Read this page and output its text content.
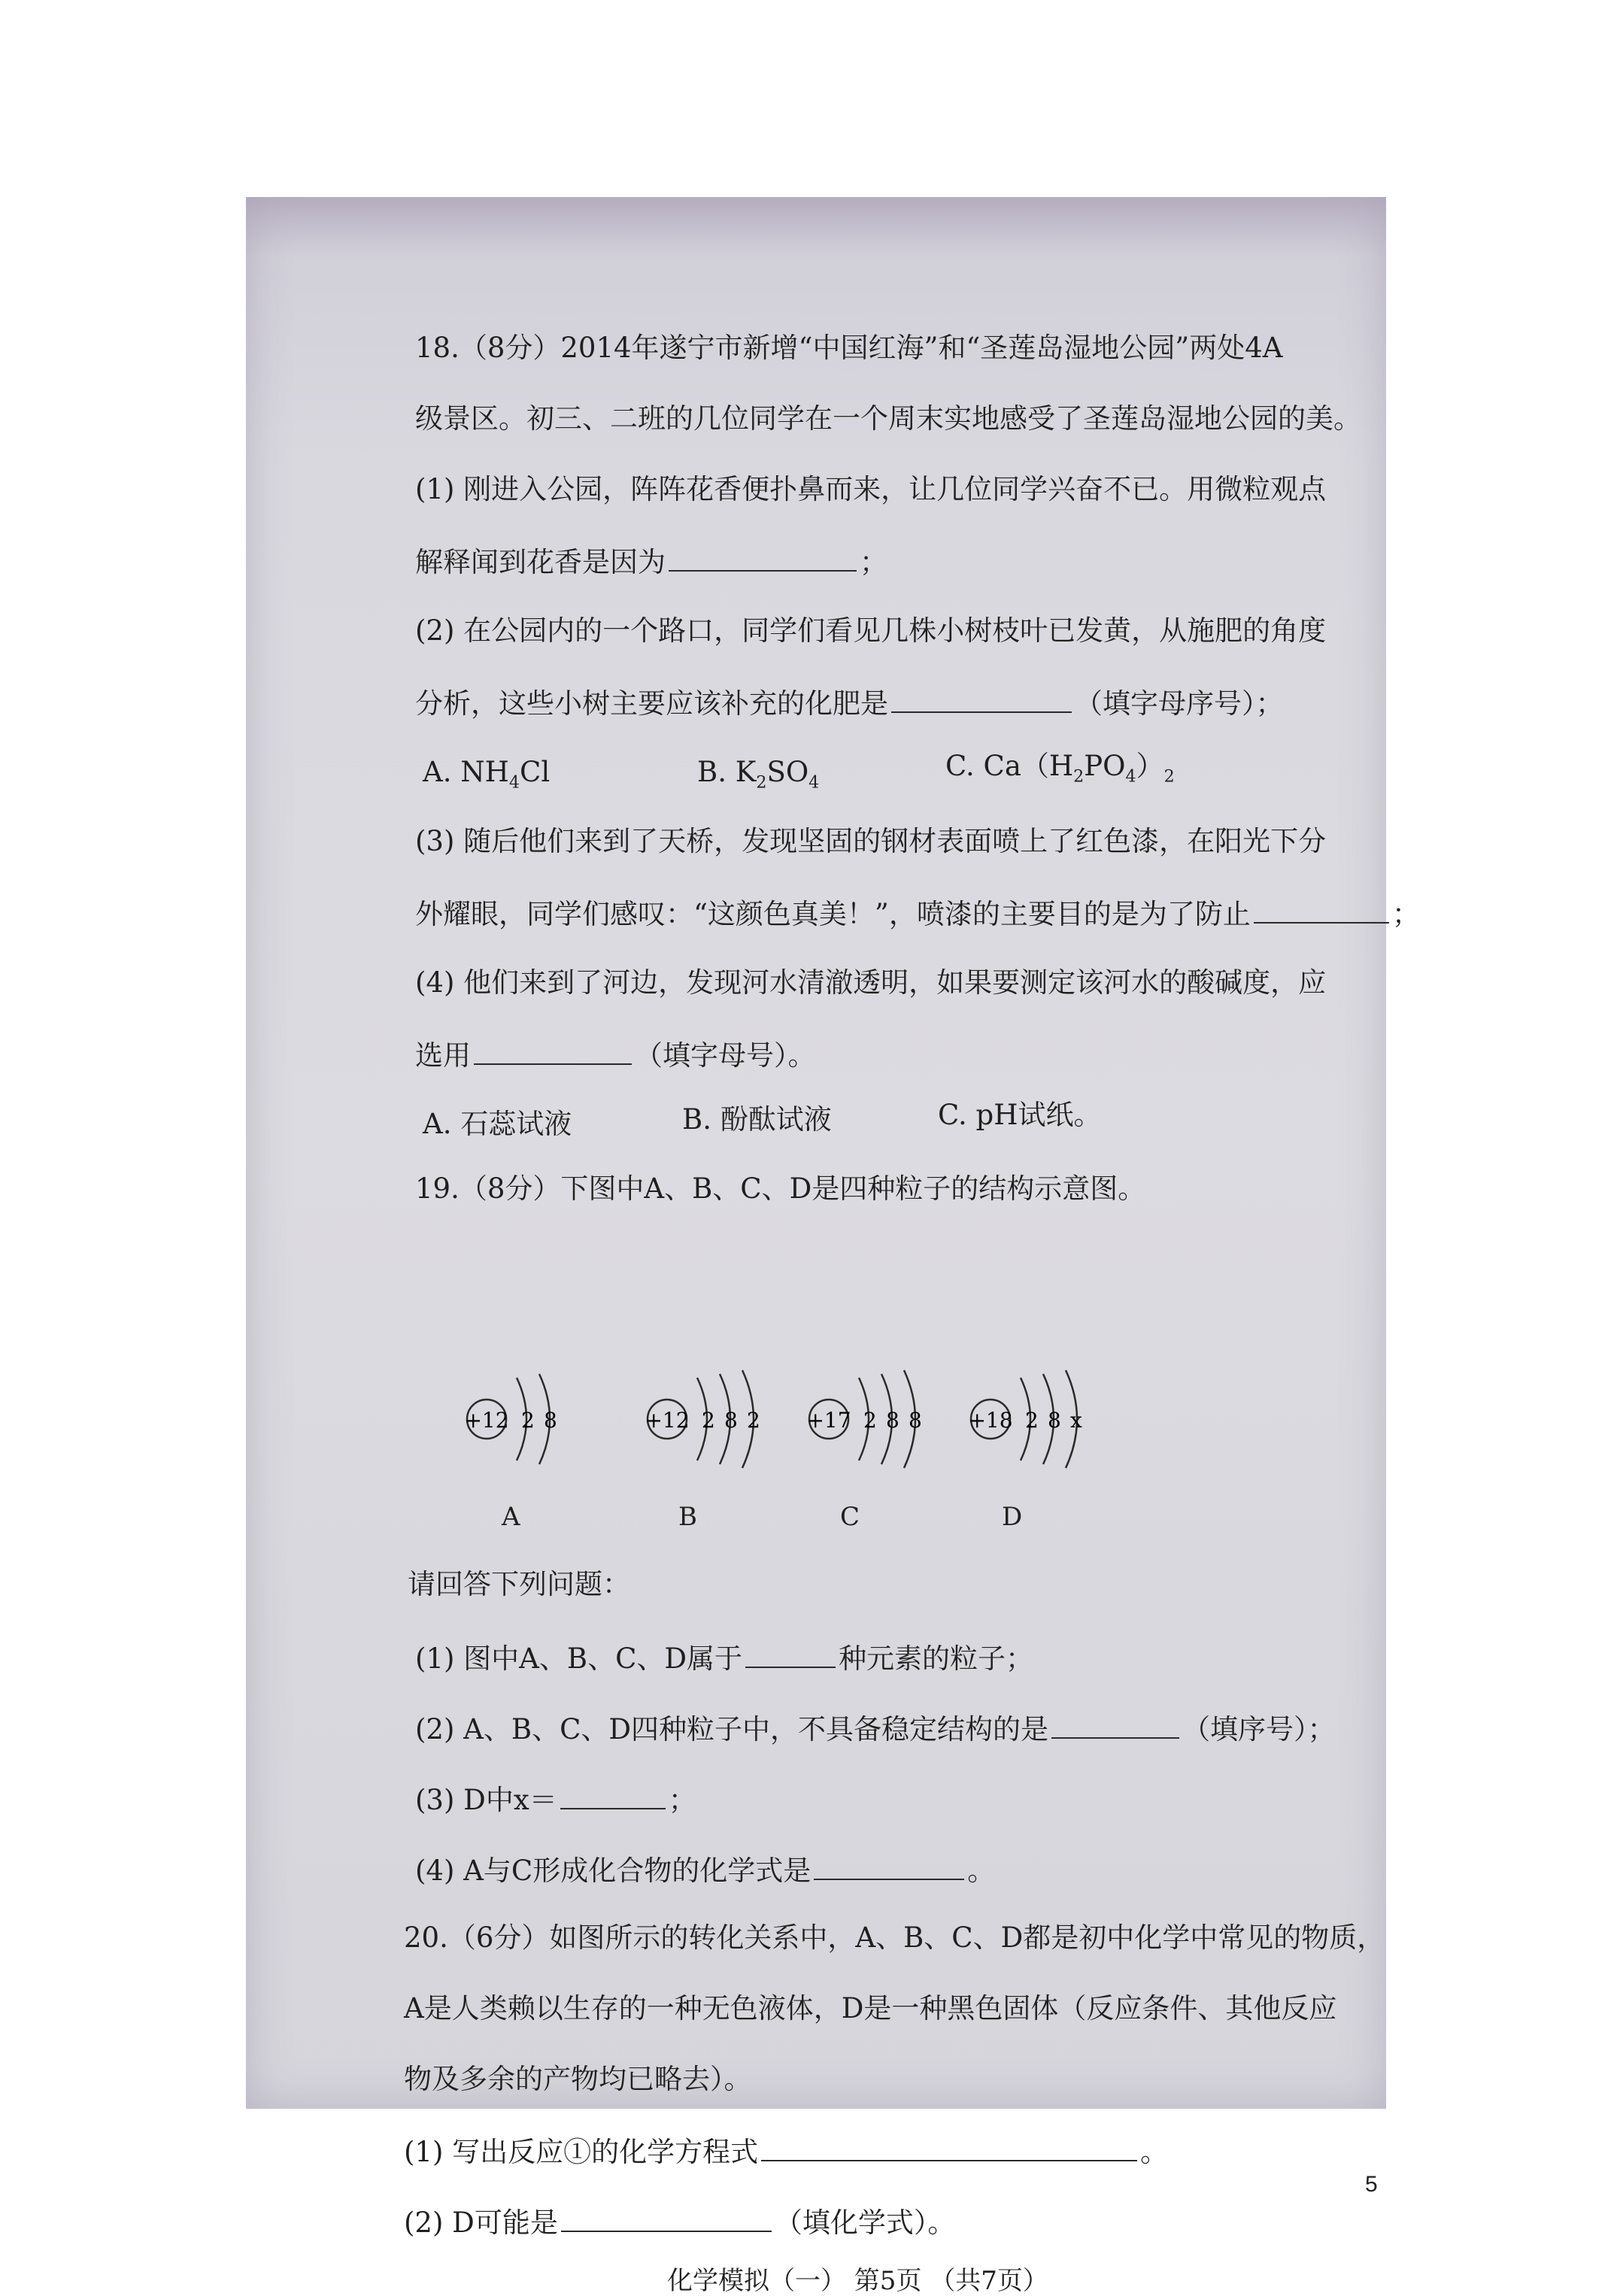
18.（8分）2014年遂宁市新增“中国红海”和“圣莲岛湿地公园”两处4A
级景区。初三、二班的几位同学在一个周末实地感受了圣莲岛湿地公园的美。
(1) 刚进入公园，阵阵花香便扑鼻而来，让几位同学兴奋不已。用微粒观点
解释闻到花香是因为	；
(2) 在公园内的一个路口，同学们看见几株小树枝叶已发黄，从施肥的角度
分析，这些小树主要应该补充的化肥是	（填字母序号）；
A. $NH_4Cl$	B. $K_2SO_4$
C. $Ca(H_2PO_4)_2$
(3) 随后他们来到了天桥，发现坚固的钢材表面喷上了红色漆，在阳光下分
外耀眼，同学们感叹：“这颜色真美！”，喷漆的主要目的是为了防止	；
(4) 他们来到了河边，发现河水清澈透明，如果要测定该河水的酸碱度，应
选用	（填字母号）。
A. 石蕊试液	B. 酚酞试液	C. pH试纸。
19.（8分）下图中A、B、C、D是四种粒子的结构示意图。
+12 2 8	+12 2 8 2 +17 2 8 8 +18 2 8 x
A	B	C	D
请回答下列问题：
(1) 图中A、B、C、D属于	种元素的粒子；
(2) A、B、C、D四种粒子中，不具备稳定结构的是	（填序号）；
(3) D中x＝	；
(4) A与C形成化合物的化学式是	。
20.（6分）如图所示的转化关系中，A、B、C、D都是初中化学中常见的物质，
A是人类赖以生存的一种无色液体，D是一种黑色固体（反应条件、其他反应
物及多余的产物均已略去）。
(1) 写出反应①的化学方程式	。
(2) D可能是	（填化学式）。
化学模拟（一） 第5页 （共7页）
5
